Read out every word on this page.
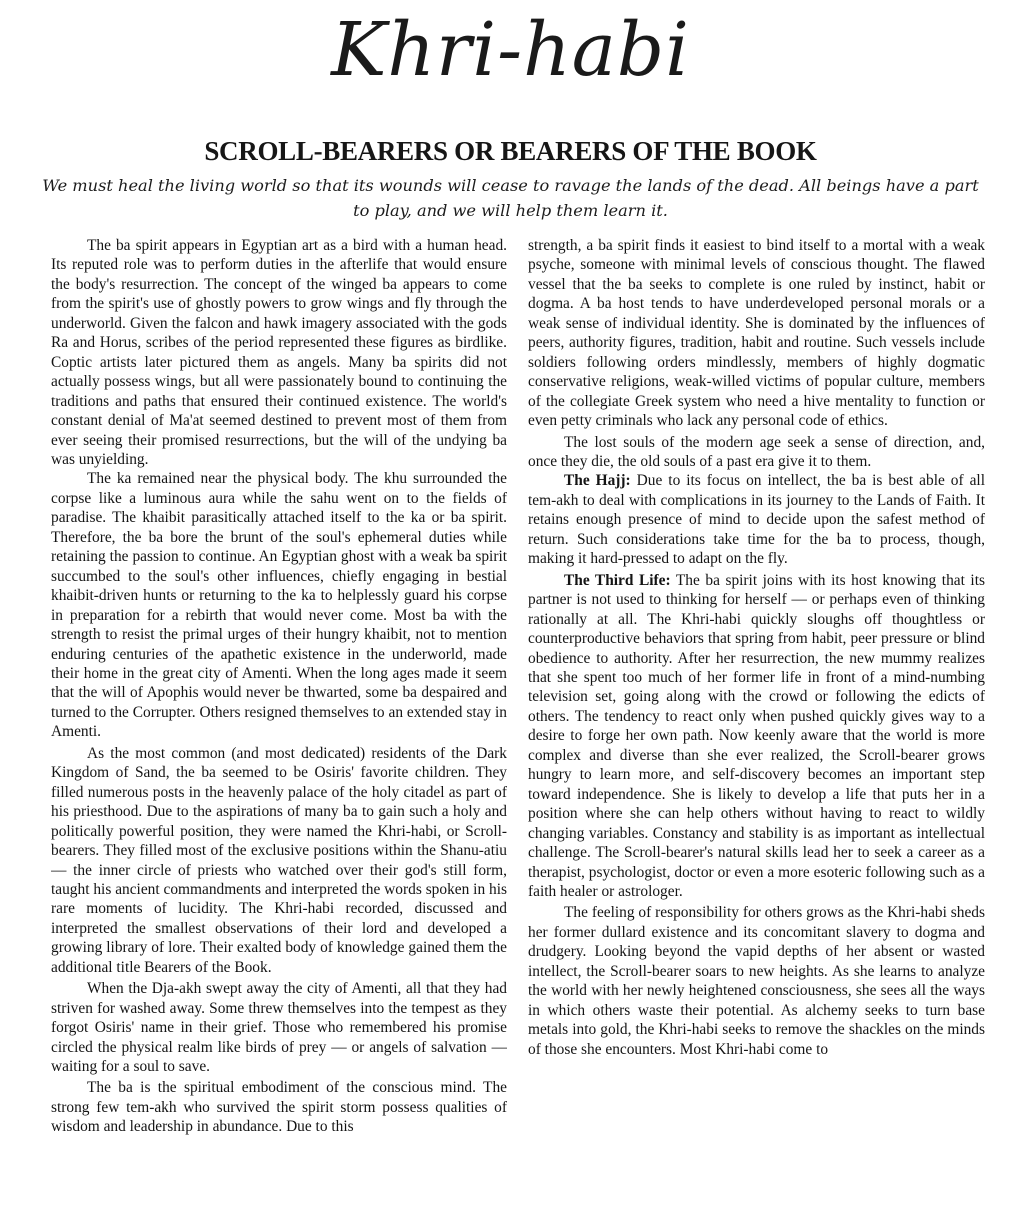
Khri-habi
SCROLL-BEARERS OR BEARERS OF THE BOOK
We must heal the living world so that its wounds will cease to ravage the lands of the dead. All beings have a part to play, and we will help them learn it.

The ba spirit appears in Egyptian art as a bird with a human head. Its reputed role was to perform duties in the afterlife that would ensure the body's resurrection. The concept of the winged ba appears to come from the spirit's use of ghostly powers to grow wings and fly through the underworld. Given the falcon and hawk imagery associated with the gods Ra and Horus, scribes of the period represented these figures as birdlike. Coptic artists later pictured them as angels. Many ba spirits did not actually possess wings, but all were passionately bound to continuing the traditions and paths that ensured their continued existence. The world's constant denial of Ma'at seemed destined to prevent most of them from ever seeing their promised resurrections, but the will of the undying ba was unyielding.

The ka remained near the physical body. The khu surrounded the corpse like a luminous aura while the sahu went on to the fields of paradise. The khaibit parasitically attached itself to the ka or ba spirit. Therefore, the ba bore the brunt of the soul's ephemeral duties while retaining the passion to continue. An Egyptian ghost with a weak ba spirit succumbed to the soul's other influences, chiefly engaging in bestial khaibit-driven hunts or returning to the ka to helplessly guard his corpse in preparation for a rebirth that would never come. Most ba with the strength to resist the primal urges of their hungry khaibit, not to mention enduring centuries of the apathetic existence in the underworld, made their home in the great city of Amenti. When the long ages made it seem that the will of Apophis would never be thwarted, some ba despaired and turned to the Corrupter. Others resigned themselves to an extended stay in Amenti.

As the most common (and most dedicated) residents of the Dark Kingdom of Sand, the ba seemed to be Osiris' favorite children. They filled numerous posts in the heavenly palace of the holy citadel as part of his priesthood. Due to the aspirations of many ba to gain such a holy and politically powerful position, they were named the Khri-habi, or Scroll-bearers. They filled most of the exclusive positions within the Shanu-atiu — the inner circle of priests who watched over their god's still form, taught his ancient commandments and interpreted the words spoken in his rare moments of lucidity. The Khri-habi recorded, discussed and interpreted the smallest observations of their lord and developed a growing library of lore. Their exalted body of knowledge gained them the additional title Bearers of the Book.

When the Dja-akh swept away the city of Amenti, all that they had striven for washed away. Some threw themselves into the tempest as they forgot Osiris' name in their grief. Those who remembered his promise circled the physical realm like birds of prey — or angels of salvation — waiting for a soul to save.

The ba is the spiritual embodiment of the conscious mind. The strong few tem-akh who survived the spirit storm possess qualities of wisdom and leadership in abundance. Due to this

strength, a ba spirit finds it easiest to bind itself to a mortal with a weak psyche, someone with minimal levels of conscious thought. The flawed vessel that the ba seeks to complete is one ruled by instinct, habit or dogma. A ba host tends to have underdeveloped personal morals or a weak sense of individual identity. She is dominated by the influences of peers, authority figures, tradition, habit and routine. Such vessels include soldiers following orders mindlessly, members of highly dogmatic conservative religions, weak-willed victims of popular culture, members of the collegiate Greek system who need a hive mentality to function or even petty criminals who lack any personal code of ethics.

The lost souls of the modern age seek a sense of direction, and, once they die, the old souls of a past era give it to them.

The Hajj: Due to its focus on intellect, the ba is best able of all tem-akh to deal with complications in its journey to the Lands of Faith. It retains enough presence of mind to decide upon the safest method of return. Such considerations take time for the ba to process, though, making it hard-pressed to adapt on the fly.

The Third Life: The ba spirit joins with its host knowing that its partner is not used to thinking for herself — or perhaps even of thinking rationally at all. The Khri-habi quickly sloughs off thoughtless or counterproductive behaviors that spring from habit, peer pressure or blind obedience to authority. After her resurrection, the new mummy realizes that she spent too much of her former life in front of a mind-numbing television set, going along with the crowd or following the edicts of others. The tendency to react only when pushed quickly gives way to a desire to forge her own path. Now keenly aware that the world is more complex and diverse than she ever realized, the Scroll-bearer grows hungry to learn more, and self-discovery becomes an important step toward independence. She is likely to develop a life that puts her in a position where she can help others without having to react to wildly changing variables. Constancy and stability is as important as intellectual challenge. The Scroll-bearer's natural skills lead her to seek a career as a therapist, psychologist, doctor or even a more esoteric following such as a faith healer or astrologer.

The feeling of responsibility for others grows as the Khri-habi sheds her former dullard existence and its concomitant slavery to dogma and drudgery. Looking beyond the vapid depths of her absent or wasted intellect, the Scroll-bearer soars to new heights. As she learns to analyze the world with her newly heightened consciousness, she sees all the ways in which others waste their potential. As alchemy seeks to turn base metals into gold, the Khri-habi seeks to remove the shackles on the minds of those she encounters. Most Khri-habi come to
